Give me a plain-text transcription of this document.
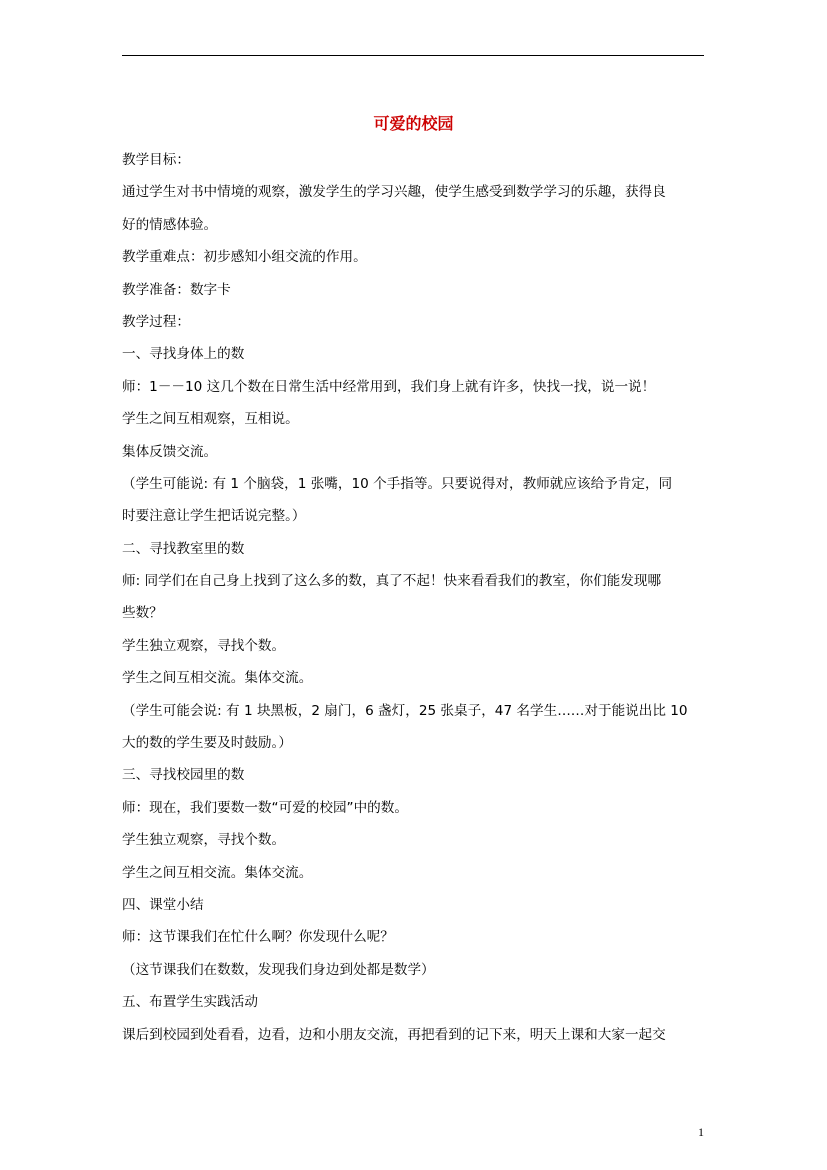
可爱的校园
教学目标：
通过学生对书中情境的观察，激发学生的学习兴趣，使学生感受到数学学习的乐趣，获得良
好的情感体验。
教学重难点：初步感知小组交流的作用。
教学准备：数字卡
教学过程：
一、寻找身体上的数
师：1－－10 这几个数在日常生活中经常用到，我们身上就有许多，快找一找，说一说！
学生之间互相观察，互相说。
集体反馈交流。
（学生可能说: 有 1 个脑袋，1 张嘴，10 个手指等。只要说得对，教师就应该给予肯定，同
时要注意让学生把话说完整。）
二、寻找教室里的数
师: 同学们在自己身上找到了这么多的数，真了不起！快来看看我们的教室，你们能发现哪
些数？
学生独立观察，寻找个数。
学生之间互相交流。集体交流。
（学生可能会说: 有 1 块黑板，2 扇门，6 盏灯，25 张桌子，47 名学生……对于能说出比 10
大的数的学生要及时鼓励。）
三、寻找校园里的数
师：现在，我们要数一数“可爱的校园”中的数。
学生独立观察，寻找个数。
学生之间互相交流。集体交流。
四、课堂小结
师：这节课我们在忙什么啊？你发现什么呢？
（这节课我们在数数，发现我们身边到处都是数学）
五、布置学生实践活动
课后到校园到处看看，边看，边和小朋友交流，再把看到的记下来，明天上课和大家一起交
1
